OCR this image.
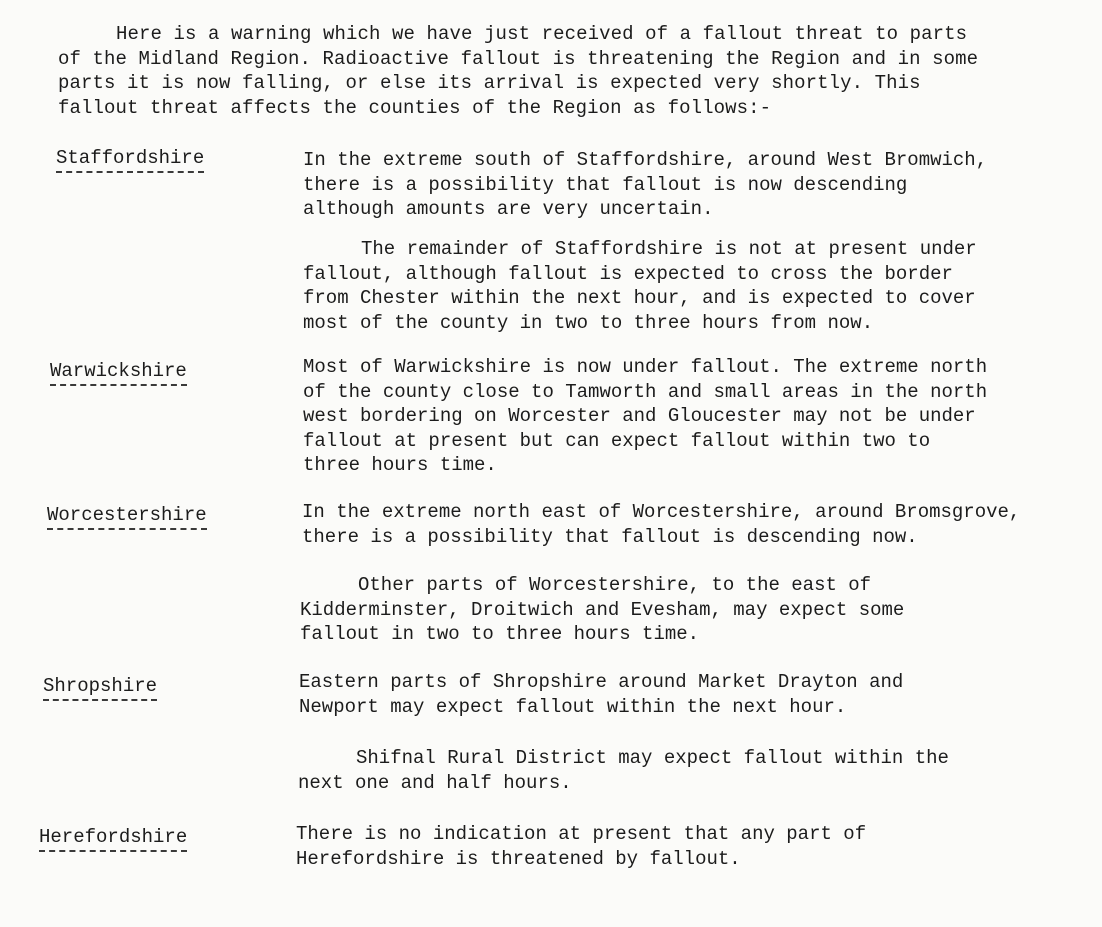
Here is a warning which we have just received of a fallout threat to parts
of the Midland Region. Radioactive fallout is threatening the Region and in some
parts it is now falling, or else its arrival is expected very shortly. This
fallout threat affects the counties of the Region as follows:-
Staffordshire	In the extreme south of Staffordshire, around West Bromwich,
there is a possibility that fallout is now descending
although amounts are very uncertain.
The remainder of Staffordshire is not at present under
fallout, although fallout is expected to cross the border
from Chester within the next hour, and is expected to cover
most of the county in two to three hours from now.
Warwickshire	Most of Warwickshire is now under fallout. The extreme north
of the county close to Tamworth and small areas in the north
west bordering on Worcester and Gloucester may not be under
fallout at present but can expect fallout within two to
three hours time.
Worcestershire	In the extreme north east of Worcestershire, around Bromsgrove,
there is a possibility that fallout is descending now.
Other parts of Worcestershire, to the east of
Kidderminster, Droitwich and Evesham, may expect some
fallout in two to three hours time.
Shropshire	Eastern parts of Shropshire around Market Drayton and
Newport may expect fallout within the next hour.
Shifnal Rural District may expect fallout within the
next one and half hours.
Herefordshire	There is no indication at present that any part of
Herefordshire is threatened by fallout.
